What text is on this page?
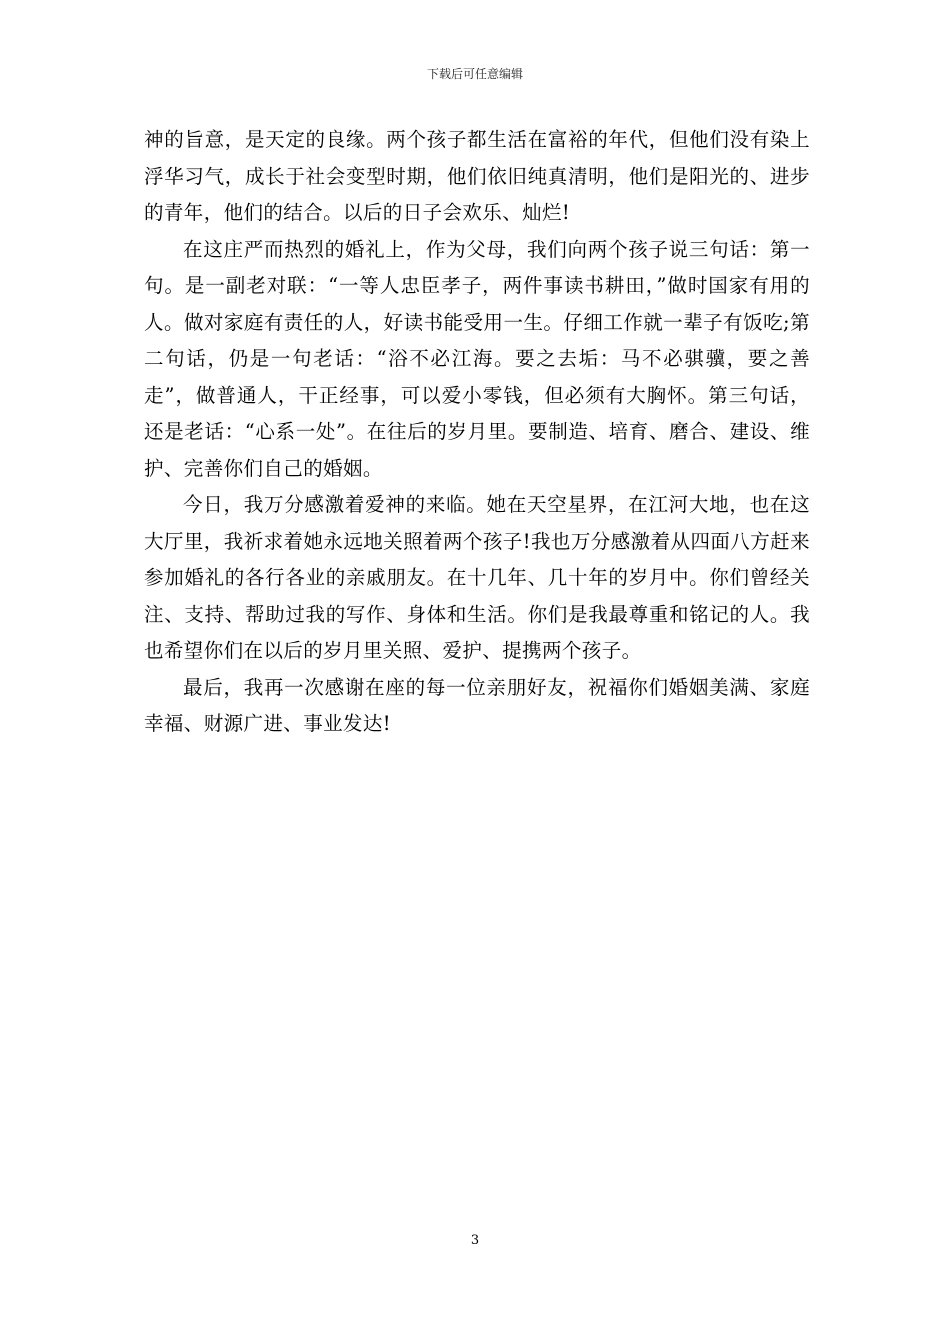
下载后可任意编辑

神的旨意，是天定的良缘。两个孩子都生活在富裕的年代，但他们没有染上浮华习气，成长于社会变型时期，他们依旧纯真清明，他们是阳光的、进步的青年，他们的结合。以后的日子会欢乐、灿烂!

在这庄严而热烈的婚礼上，作为父母，我们向两个孩子说三句话：第一句。是一副老对联：“一等人忠臣孝子，两件事读书耕田，”做时国家有用的人。做对家庭有责任的人，好读书能受用一生。仔细工作就一辈子有饭吃;第二句话，仍是一句老话：“浴不必江海。要之去垢：马不必骐骥，要之善走”，做普通人，干正经事，可以爱小零钱，但必须有大胸怀。第三句话，还是老话：“心系一处”。在往后的岁月里。要制造、培育、磨合、建设、维护、完善你们自己的婚姻。

今日，我万分感激着爱神的来临。她在天空星界，在江河大地，也在这大厅里，我祈求着她永远地关照着两个孩子!我也万分感激着从四面八方赶来参加婚礼的各行各业的亲戚朋友。在十几年、几十年的岁月中。你们曾经关注、支持、帮助过我的写作、身体和生活。你们是我最尊重和铭记的人。我也希望你们在以后的岁月里关照、爱护、提携两个孩子。

最后，我再一次感谢在座的每一位亲朋好友，祝福你们婚姻美满、家庭幸福、财源广进、事业发达!

3
